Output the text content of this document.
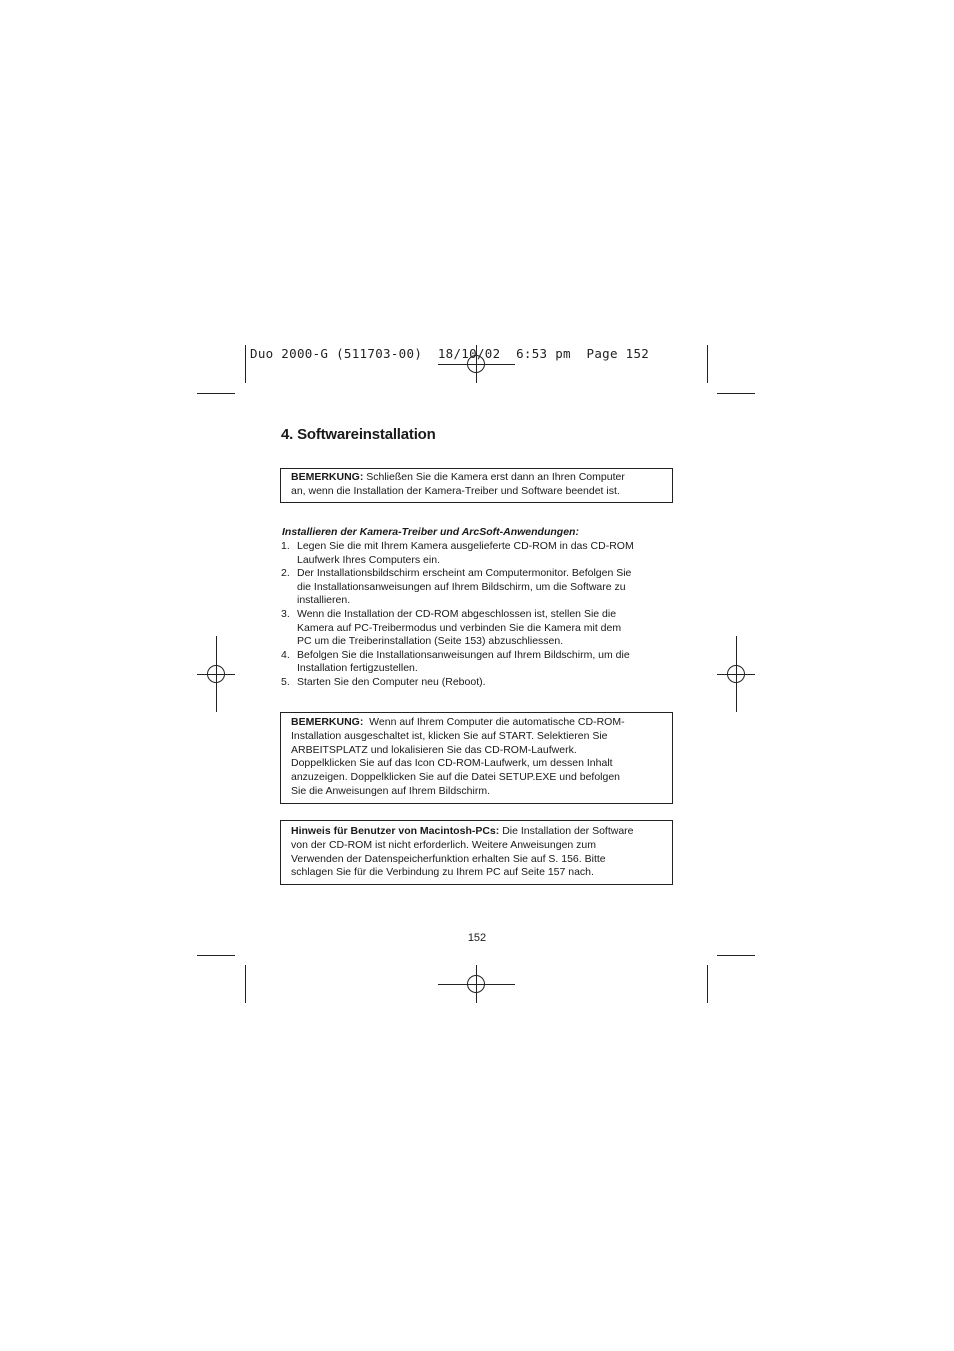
Duo 2000-G (511703-00)  18/10/02  6:53 pm  Page 152
4. Softwareinstallation
BEMERKUNG: Schließen Sie die Kamera erst dann an Ihren Computer
an, wenn die Installation der Kamera-Treiber und Software beendet ist.
Installieren der Kamera-Treiber und ArcSoft-Anwendungen:
1. Legen Sie die mit Ihrem Kamera ausgelieferte CD-ROM in das CD-ROM
Laufwerk Ihres Computers ein.
2. Der Installationsbildschirm erscheint am Computermonitor. Befolgen Sie
die Installationsanweisungen auf Ihrem Bildschirm, um die Software zu
installieren.
3. Wenn die Installation der CD-ROM abgeschlossen ist, stellen Sie die
Kamera auf PC-Treibermodus und verbinden Sie die Kamera mit dem
PC um die Treiberinstallation (Seite 153) abzuschliessen.
4. Befolgen Sie die Installationsanweisungen auf Ihrem Bildschirm, um die
Installation fertigzustellen.
5. Starten Sie den Computer neu (Reboot).
BEMERKUNG:  Wenn auf Ihrem Computer die automatische CD-ROM-
Installation ausgeschaltet ist, klicken Sie auf START. Selektieren Sie
ARBEITSPLATZ und lokalisieren Sie das CD-ROM-Laufwerk.
Doppelklicken Sie auf das Icon CD-ROM-Laufwerk, um dessen Inhalt
anzuzeigen. Doppelklicken Sie auf die Datei SETUP.EXE und befolgen
Sie die Anweisungen auf Ihrem Bildschirm.
Hinweis für Benutzer von Macintosh-PCs: Die Installation der Software
von der CD-ROM ist nicht erforderlich. Weitere Anweisungen zum
Verwenden der Datenspeicherfunktion erhalten Sie auf S. 156. Bitte
schlagen Sie für die Verbindung zu Ihrem PC auf Seite 157 nach.
152
